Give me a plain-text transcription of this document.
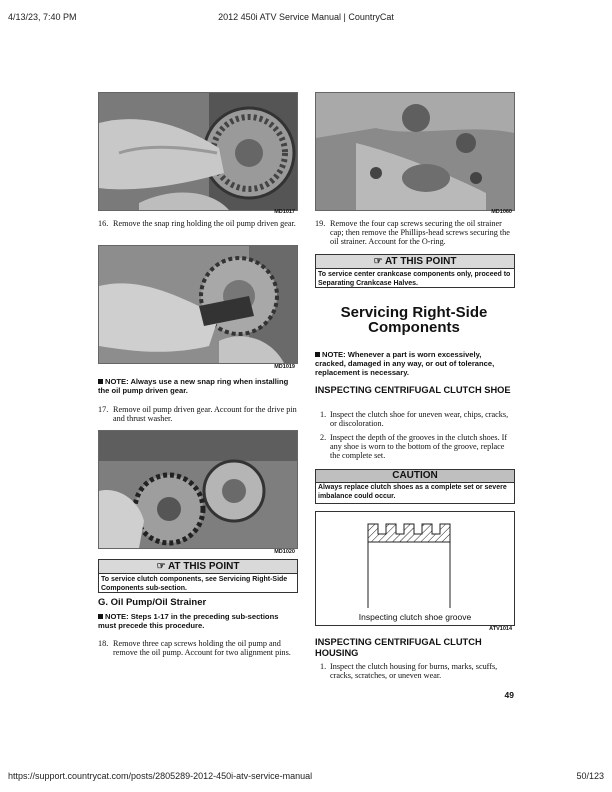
4/13/23, 7:40 PM	2012 450i ATV Service Manual | CountryCat
MD1017
16. Remove the snap ring holding the oil pump driven gear.
MD1019
NOTE: Always use a new snap ring when installing the oil pump driven gear.
17. Remove oil pump driven gear. Account for the drive pin and thrust washer.
MD1020
☞ AT THIS POINT
To service clutch components, see Servicing Right-Side Components sub-section.
G. Oil Pump/Oil Strainer
NOTE: Steps 1-17 in the preceding sub-sections must precede this procedure.
18. Remove three cap screws holding the oil pump and remove the oil pump. Account for two alignment pins.
MD1060
19. Remove the four cap screws securing the oil strainer cap; then remove the Phillips-head screws securing the oil strainer. Account for the O-ring.
☞ AT THIS POINT
To service center crankcase components only, proceed to Separating Crankcase Halves.
Servicing Right-Side
Components
NOTE: Whenever a part is worn excessively, cracked, damaged in any way, or out of tolerance, replacement is necessary.
INSPECTING CENTRIFUGAL CLUTCH SHOE
1. Inspect the clutch shoe for uneven wear, chips, cracks, or discoloration.
2. Inspect the depth of the grooves in the clutch shoes. If any shoe is worn to the bottom of the groove, replace the complete set.
CAUTION
Always replace clutch shoes as a complete set or severe imbalance could occur.
Inspecting clutch shoe groove
ATV1014
INSPECTING CENTRIFUGAL CLUTCH HOUSING
1. Inspect the clutch housing for burns, marks, scuffs, cracks, scratches, or uneven wear.
49
https://support.countrycat.com/posts/2805289-2012-450i-atv-service-manual	50/123
